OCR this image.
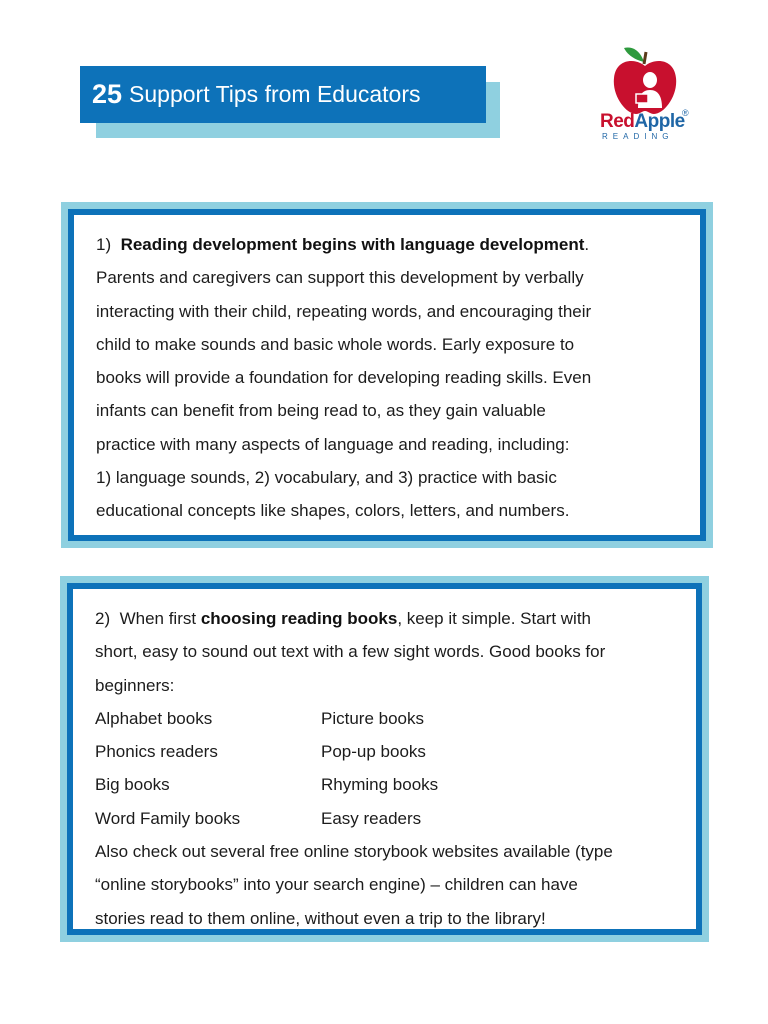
25 Support Tips from Educators
RedApple
®
READING

1) Reading development begins with language development.

Parents and caregivers can support this development by verbally

interacting with their child, repeating words, and encouraging their

child to make sounds and basic whole words. Early exposure to

books will provide a foundation for developing reading skills. Even

infants can benefit from being read to, as they gain valuable

practice with many aspects of language and reading, including:

1) language sounds, 2) vocabulary, and 3) practice with basic

educational concepts like shapes, colors, letters, and numbers.

2) When first choosing reading books, keep it simple. Start with

short, easy to sound out text with a few sight words. Good books for

beginners:

Alphabet books	Picture books
Phonics readers	Pop-up books
Big books	Rhyming books
Word Family books	Easy readers

Also check out several free online storybook websites available (type

“online storybooks” into your search engine) – children can have

stories read to them online, without even a trip to the library!
